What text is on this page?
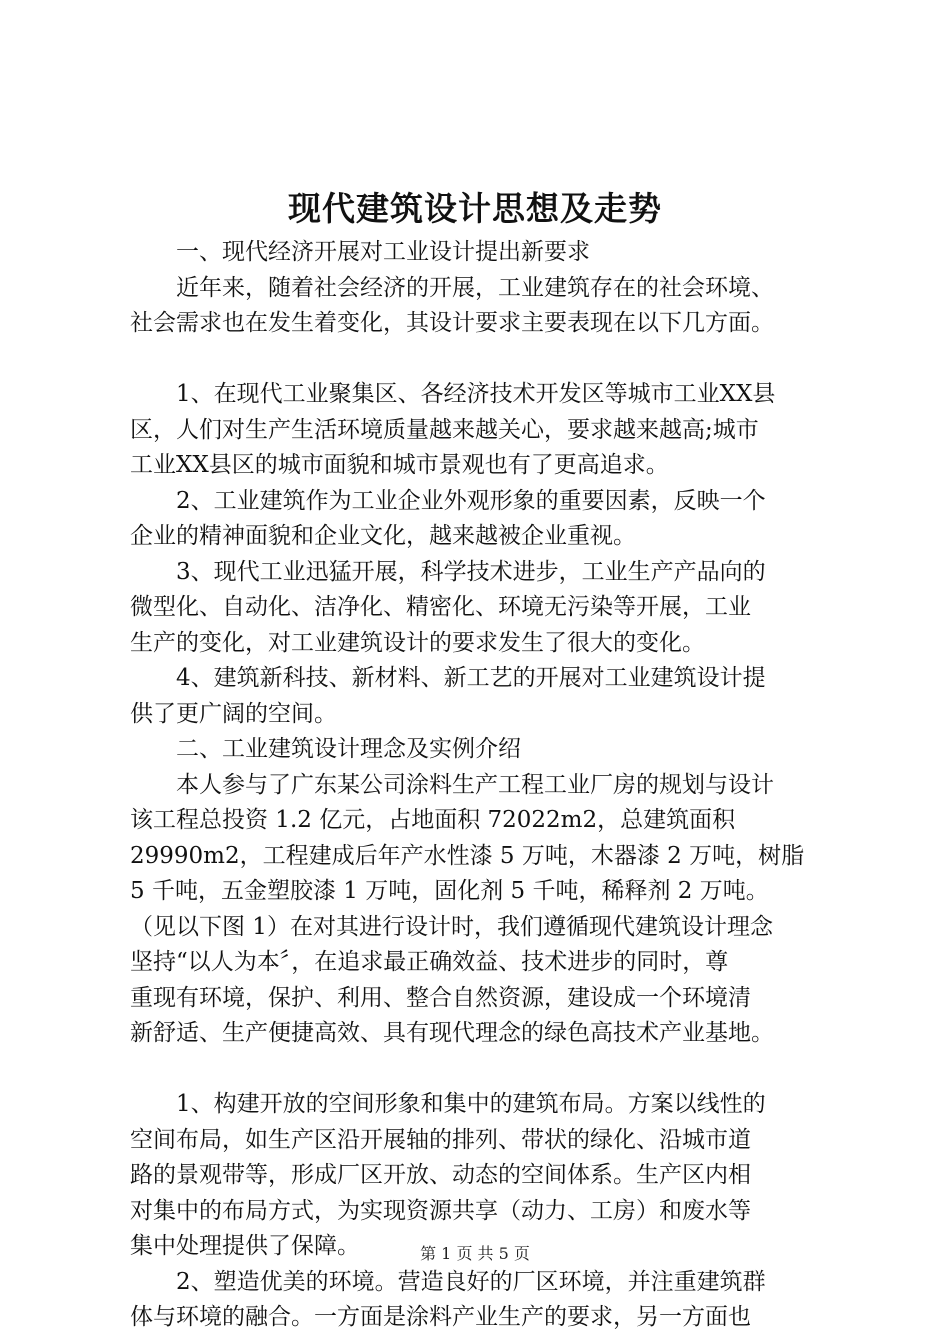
现代建筑设计思想及走势
　　一、现代经济开展对工业设计提出新要求
　　近年来，随着社会经济的开展，工业建筑存在的社会环境、
社会需求也在发生着变化，其设计要求主要表现在以下几方面。
　　1、在现代工业聚集区、各经济技术开发区等城市工业XX县
区，人们对生产生活环境质量越来越关心，要求越来越高;城市
工业XX县区的城市面貌和城市景观也有了更高追求。
　　2、工业建筑作为工业企业外观形象的重要因素，反映一个
企业的精神面貌和企业文化，越来越被企业重视。
　　3、现代工业迅猛开展，科学技术进步，工业生产产品向的
微型化、自动化、洁净化、精密化、环境无污染等开展，工业
生产的变化，对工业建筑设计的要求发生了很大的变化。
　　4、建筑新科技、新材料、新工艺的开展对工业建筑设计提
供了更广阔的空间。
　　二、工业建筑设计理念及实例介绍
　　本人参与了广东某公司涂料生产工程工业厂房的规划与设计
该工程总投资 1.2 亿元，占地面积 72022m2，总建筑面积
29990m2，工程建成后年产水性漆 5 万吨，木器漆 2 万吨，树脂
5 千吨，五金塑胶漆 1 万吨，固化剂 5 千吨，稀释剂 2 万吨。
（见以下图 1）在对其进行设计时，我们遵循现代建筑设计理念
坚持“以人为本〞，在追求最正确效益、技术进步的同时，尊
重现有环境，保护、利用、整合自然资源，建设成一个环境清
新舒适、生产便捷高效、具有现代理念的绿色高技术产业基地。
　　1、构建开放的空间形象和集中的建筑布局。方案以线性的
空间布局，如生产区沿开展轴的排列、带状的绿化、沿城市道
路的景观带等，形成厂区开放、动态的空间体系。生产区内相
对集中的布局方式，为实现资源共享（动力、工房）和废水等
集中处理提供了保障。
　　2、塑造优美的环境。营造良好的厂区环境，并注重建筑群
体与环境的融合。一方面是涂料产业生产的要求，另一方面也
第 1 页 共 5 页
